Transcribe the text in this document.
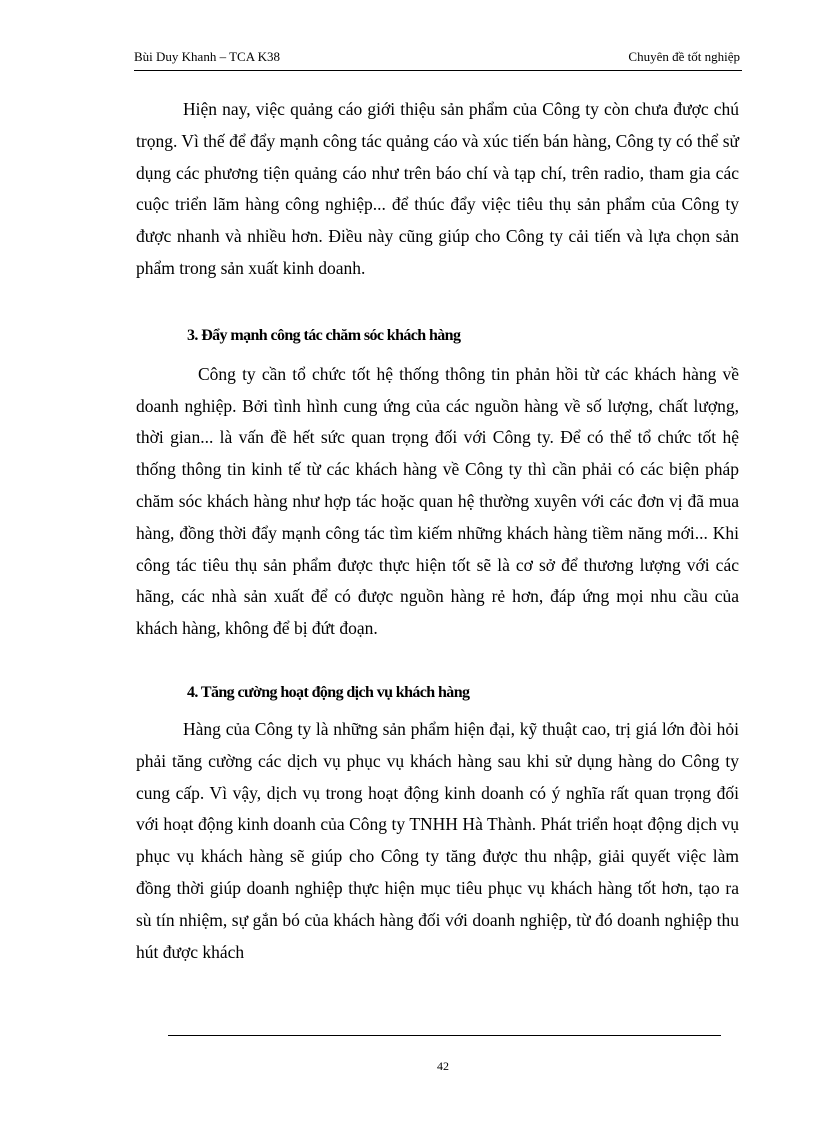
Bùi Duy Khanh – TCA K38	Chuyên đề tốt nghiệp

Hiện nay, việc quảng cáo giới thiệu sản phẩm của Công ty còn chưa được chú trọng. Vì thế để đẩy mạnh công tác quảng cáo và xúc tiến bán hàng, Công ty có thể sử dụng các phương tiện quảng cáo như trên báo chí và tạp chí, trên radio, tham gia các cuộc triển lãm hàng công nghiệp... để thúc đẩy việc tiêu thụ sản phẩm của Công ty được nhanh và nhiều hơn. Điều này cũng giúp cho Công ty cải tiến và lựa chọn sản phẩm trong sản xuất kinh doanh.

3. Đẩy mạnh công tác chăm sóc khách hàng

Công ty cần tổ chức tốt hệ thống thông tin phản hồi từ các khách hàng về doanh nghiệp. Bởi tình hình cung ứng của các nguồn hàng về số lượng, chất lượng, thời gian... là vấn đề hết sức quan trọng đối với Công ty. Để có thể tổ chức tốt hệ thống thông tin kinh tế từ các khách hàng về Công ty thì cần phải có các biện pháp chăm sóc khách hàng như hợp tác hoặc quan hệ thường xuyên với các đơn vị đã mua hàng, đồng thời đẩy mạnh công tác tìm kiếm những khách hàng tiềm năng mới... Khi công tác tiêu thụ sản phẩm được thực hiện tốt sẽ là cơ sở để thương lượng với các hãng, các nhà sản xuất để có được nguồn hàng rẻ hơn, đáp ứng mọi nhu cầu của khách hàng, không để bị đứt đoạn.

4. Tăng cường hoạt động dịch vụ khách hàng

Hàng của Công ty là những sản phẩm hiện đại, kỹ thuật cao, trị giá lớn đòi hỏi phải tăng cường các dịch vụ phục vụ khách hàng sau khi sử dụng hàng do Công ty cung cấp. Vì vậy, dịch vụ trong hoạt động kinh doanh có ý nghĩa rất quan trọng đối với hoạt động kinh doanh của Công ty TNHH Hà Thành. Phát triển hoạt động dịch vụ phục vụ khách hàng sẽ giúp cho Công ty tăng được thu nhập, giải quyết việc làm đồng thời giúp doanh nghiệp thực hiện mục tiêu phục vụ khách hàng tốt hơn, tạo ra sù tín nhiệm, sự gắn bó của khách hàng đối với doanh nghiệp, từ đó doanh nghiệp thu hút được khách

42
